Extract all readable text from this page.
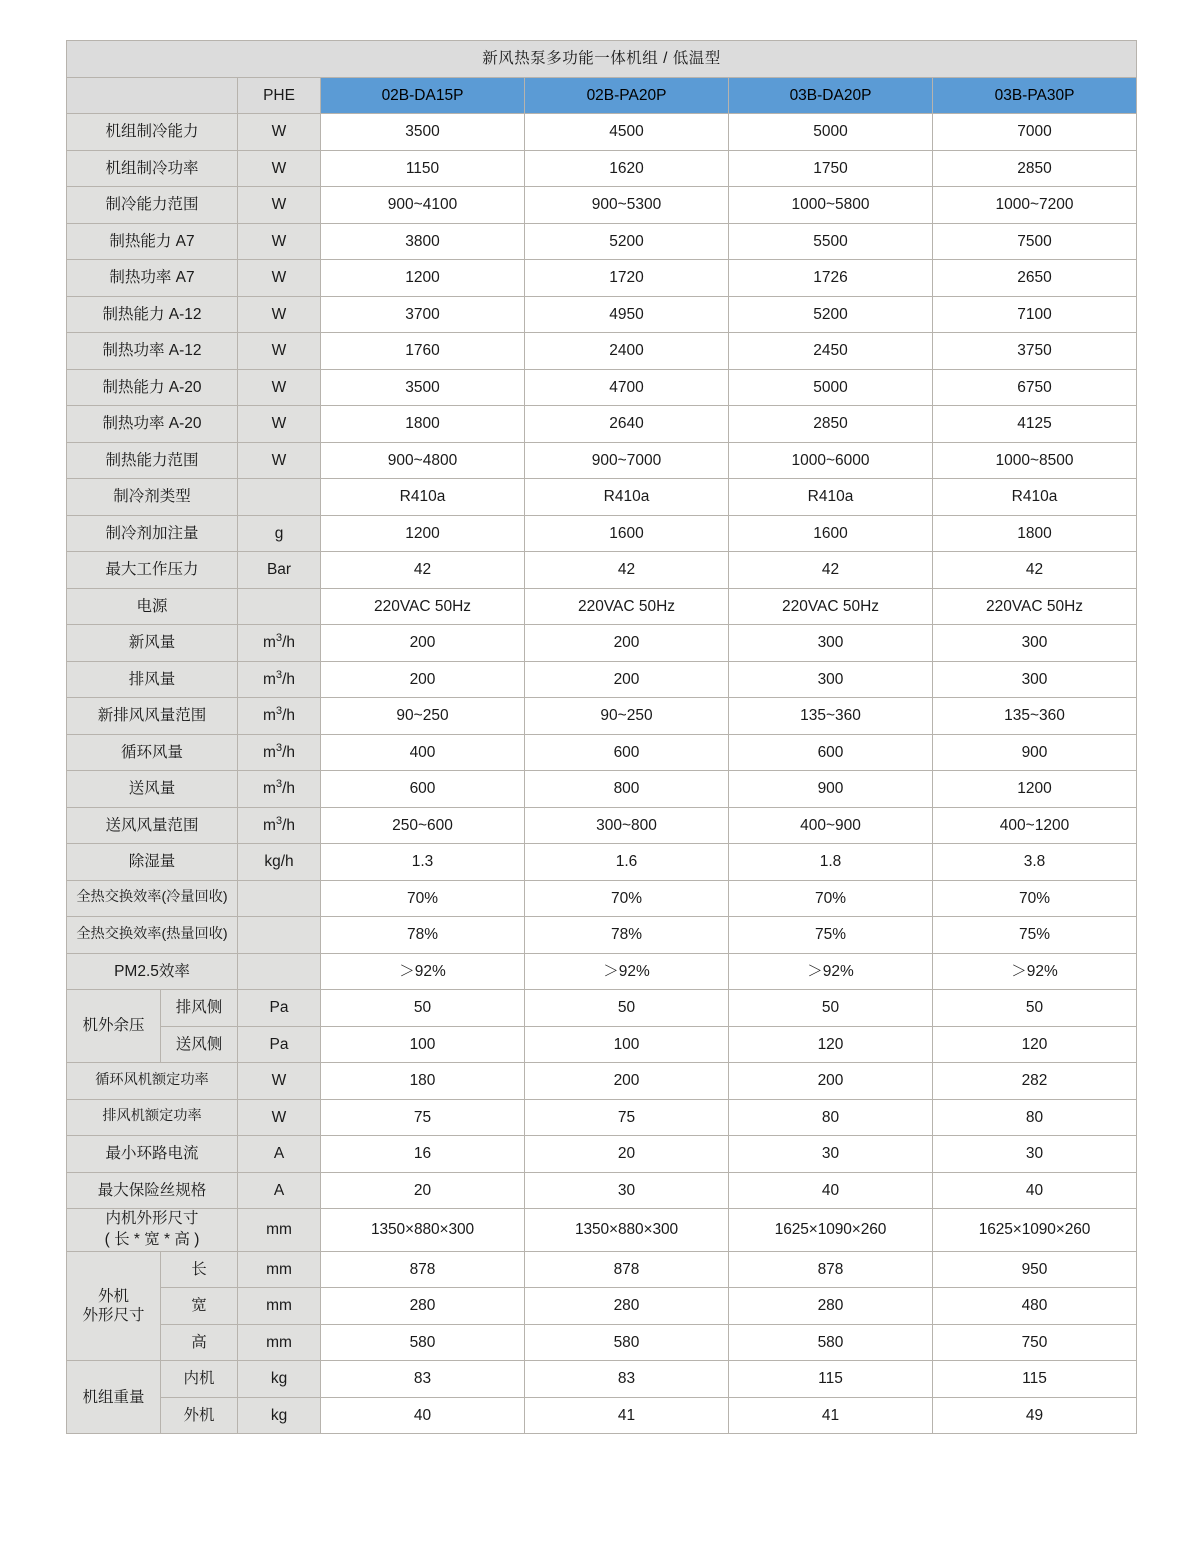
新风热泵多功能一体机组 / 低温型						
		PHE	02B-DA15P	02B-PA20P	03B-DA20P	03B-PA30P
机组制冷能力		W	3500	4500	5000	7000
机组制冷功率		W	1150	1620	1750	2850
制冷能力范围		W	900~4100	900~5300	1000~5800	1000~7200
制热能力 A7		W	3800	5200	5500	7500
制热功率 A7		W	1200	1720	1726	2650
制热能力 A-12		W	3700	4950	5200	7100
制热功率 A-12		W	1760	2400	2450	3750
制热能力 A-20		W	3500	4700	5000	6750
制热功率 A-20		W	1800	2640	2850	4125
制热能力范围		W	900~4800	900~7000	1000~6000	1000~8500
制冷剂类型			R410a	R410a	R410a	R410a
制冷剂加注量		g	1200	1600	1600	1800
最大工作压力		Bar	42	42	42	42
电源			220VAC 50Hz	220VAC 50Hz	220VAC 50Hz	220VAC 50Hz
新风量		$m^3/h$	200	200	300	300
排风量		$m^3/h$	200	200	300	300
新排风风量范围		$m^3/h$	90~250	90~250	135~360	135~360
循环风量		$m^3/h$	400	600	600	900
送风量		$m^3/h$	600	800	900	1200
送风风量范围		$m^3/h$	250~600	300~800	400~900	400~1200
除湿量		kg/h	1.3	1.6	1.8	3.8
全热交换效率(冷量回收)			70%	70%	70%	70%
全热交换效率(热量回收)			78%	78%	75%	75%
PM2.5效率			＞92%	＞92%	＞92%	＞92%
机外余压	排风侧	Pa	50	50	50	50
	送风侧	Pa	100	100	120	120
循环风机额定功率		W	180	200	200	282
排风机额定功率		W	75	75	80	80
最小环路电流		A	16	20	30	30
最大保险丝规格		A	20	30	40	40
内机外形尺寸
( 长 * 宽 * 高 )		mm	1350×880×300	1350×880×300	1625×1090×260	1625×1090×260
外机
外形尺寸	长	mm	878	878	878	950
	宽	mm	280	280	280	480
	高	mm	580	580	580	750
机组重量	内机	kg	83	83	115	115
	外机	kg	40	41	41	49
